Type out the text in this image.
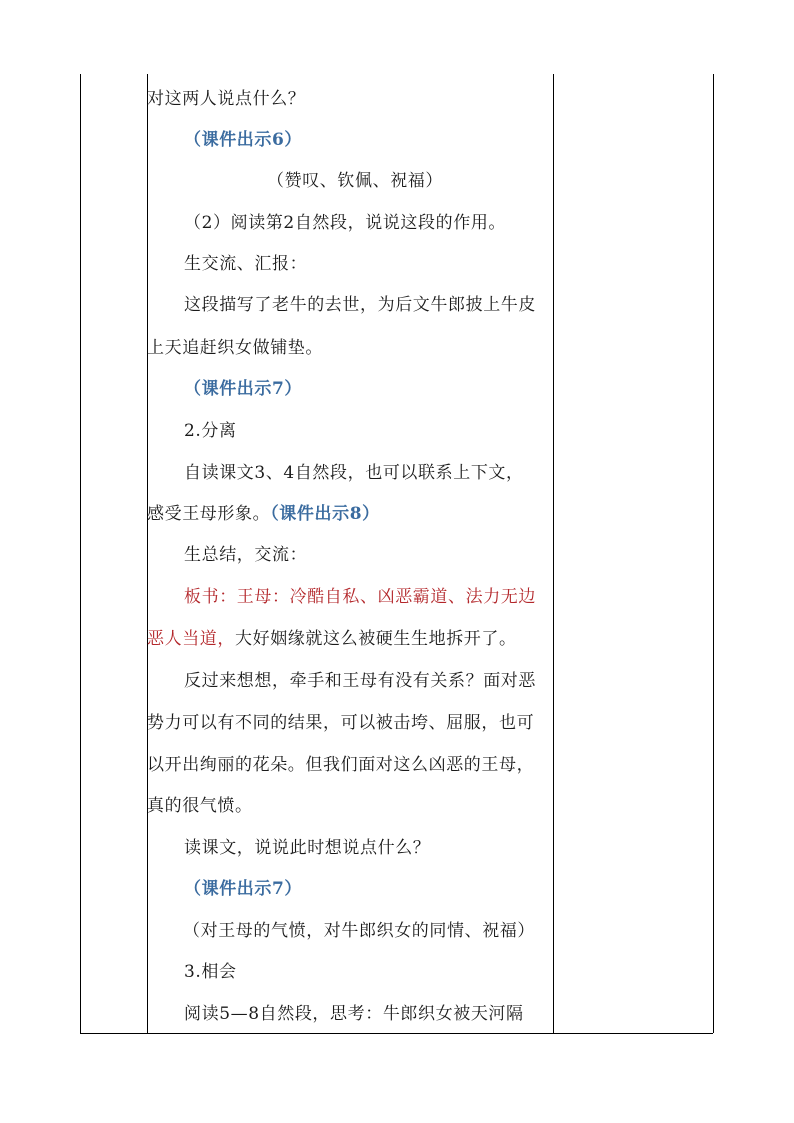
对这两人说点什么？
（课件出示6）
（赞叹、钦佩、祝福）
（2）阅读第2自然段，说说这段的作用。
生交流、汇报：
这段描写了老牛的去世，为后文牛郎披上牛皮
上天追赶织女做铺垫。
（课件出示7）
2.分离
自读课文3、4自然段，也可以联系上下文，
感受王母形象。（课件出示8）
生总结，交流：
板书：王母：冷酷自私、凶恶霸道、法力无边
恶人当道，大好姻缘就这么被硬生生地拆开了。
反过来想想，牵手和王母有没有关系？面对恶
势力可以有不同的结果，可以被击垮、屈服，也可
以开出绚丽的花朵。但我们面对这么凶恶的王母，
真的很气愤。
读课文，说说此时想说点什么？
（课件出示7）
（对王母的气愤，对牛郎织女的同情、祝福）
3.相会
阅读5—8自然段，思考：牛郎织女被天河隔
